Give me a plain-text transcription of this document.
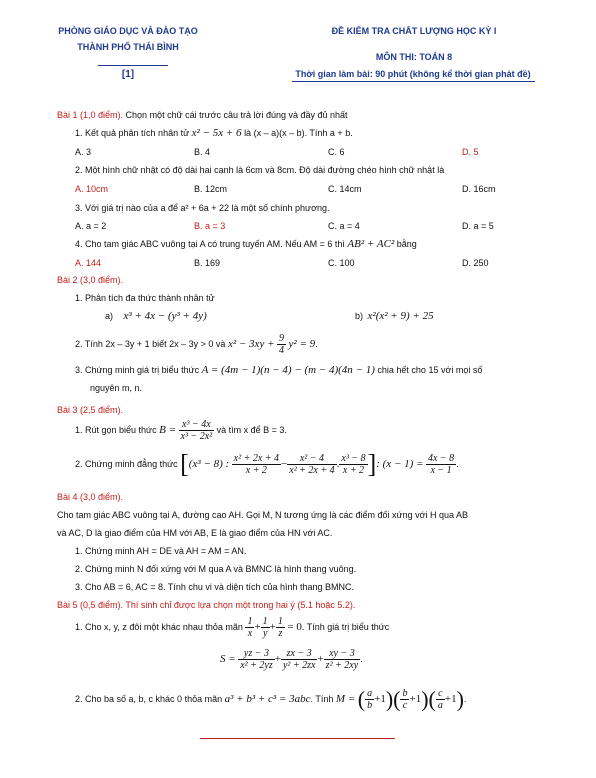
PHÒNG GIÁO DỤC VÀ ĐÀO TẠO
THÀNH PHỐ THÁI BÌNH
[1]
ĐỀ KIỂM TRA CHẤT LƯỢNG HỌC KỲ I
MÔN THI: TOÁN 8
Thời gian làm bài: 90 phút (không kể thời gian phát đề)
Bài 1 (1,0 điểm). Chọn một chữ cái trước câu trả lời đúng và đầy đủ nhất
1. Kết quả phân tích nhân tử x² − 5x + 6 là (x – a)(x – b). Tính a + b.
A. 3	B. 4	C. 6	D. 5
2. Một hình chữ nhật có độ dài hai cạnh là 6cm và 8cm. Độ dài đường chéo hình chữ nhật là
A. 10cm	B. 12cm	C. 14cm	D. 16cm
3. Với giá trị nào của a để a² + 6a + 22 là một số chính phương.
A. a = 2	B. a = 3	C. a = 4	D. a = 5
4. Cho tam giác ABC vuông tại A có trung tuyến AM. Nếu AM = 6 thì AB² + AC² bằng
A. 144	B. 169	C. 100	D. 250
Bài 2 (3,0 điểm).
1. Phân tích đa thức thành nhân tử
a) x³ + 4x − (y³ + 4y)	b) x²(x² + 9) + 25
2. Tính 2x – 3y + 1 biết 2x – 3y > 0 và $x^2 - 3xy + \frac{9}{4} y^2 = 9$.
3. Chứng minh giá trị biểu thức A = (4m − 1)(n − 4) − (m − 4)(4n − 1) chia hết cho 15 với mọi số
nguyên m, n.
Bài 3 (2,5 điểm).
1. Rút gọn biểu thức $B = \frac{\text{x³ − 4x}}{\text{x³ − 2x²}}$ và tìm x để B = 3.
2. Chứng minh đẳng thức [(x³ − 8) : $\frac{\text{x² + 2x + 4}}{x + 2} - \frac{\text{x² − 4}}{\text{x² + 2x + 4}}$ . $\frac{\text{x³ − 8}}{x + 2}$ ]: $(x - 1) = \frac{4x - 8}{x - 1}$ .
Bài 4 (3,0 điểm).
Cho tam giác ABC vuông tại A, đường cao AH. Gọi M, N tương ứng là các điểm đối xứng với H qua AB
và AC, D là giao điểm của HM với AB, E là giao điểm của HN với AC.
1. Chứng minh AH = DE và AH = AM = AN.
2. Chứng minh N đối xứng với M qua A và BMNC là hình thang vuông.
3. Cho AB = 6, AC = 8. Tính chu vi và diện tích của hình thang BMNC.
Bài 5 (0,5 điểm). Thí sinh chỉ được lựa chọn một trong hai ý (5.1 hoặc 5.2).
1. Cho x, y, z đôi một khác nhau thỏa mãn $\frac{1}{x} + \frac{1}{y} + \frac{1}{z} = 0$. Tính giá trị biểu thức
$S = \frac{yz - 3}{\text{x² + 2yz}} + \frac{zx - 3}{\text{y² + 2zx}} + \frac{xy - 3}{\text{z² + 2xy}}$ .
2. Cho ba số a, b, c khác 0 thỏa mãn a³ + b³ + c³ = 3abc. Tính M = ( $\frac{a}{b} +1)( \frac{b}{c} +1)( \frac{c}{a} +1)$.
